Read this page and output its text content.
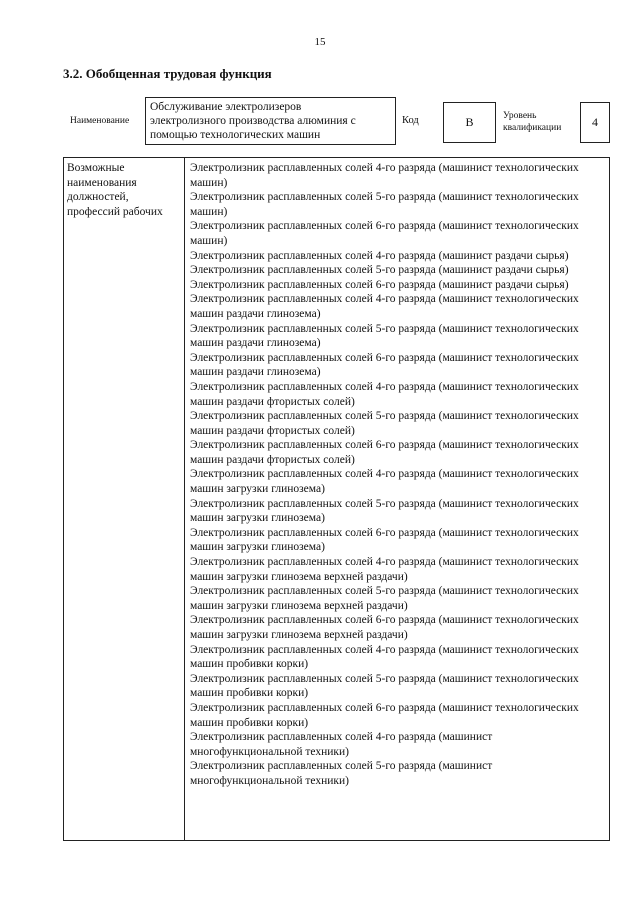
15
3.2. Обобщенная трудовая функция
Наименование
Обслуживание электролизеров
электролизного производства алюминия с
помощью технологических машин
Код	B	Уровень
квалификации	4
Возможные
наименования
должностей,
профессий рабочих

Электролизник расплавленных солей 4-го разряда (машинист технологических машин)

Электролизник расплавленных солей 5-го разряда (машинист технологических машин)

Электролизник расплавленных солей 6-го разряда (машинист технологических машин)

Электролизник расплавленных солей 4-го разряда (машинист раздачи сырья)

Электролизник расплавленных солей 5-го разряда (машинист раздачи сырья)

Электролизник расплавленных солей 6-го разряда (машинист раздачи сырья)

Электролизник расплавленных солей 4-го разряда (машинист технологических машин раздачи глинозема)

Электролизник расплавленных солей 5-го разряда (машинист технологических машин раздачи глинозема)

Электролизник расплавленных солей 6-го разряда (машинист технологических машин раздачи глинозема)

Электролизник расплавленных солей 4-го разряда (машинист технологических машин раздачи фтористых солей)

Электролизник расплавленных солей 5-го разряда (машинист технологических машин раздачи фтористых солей)

Электролизник расплавленных солей 6-го разряда (машинист технологических машин раздачи фтористых солей)

Электролизник расплавленных солей 4-го разряда (машинист технологических машин загрузки глинозема)

Электролизник расплавленных солей 5-го разряда (машинист технологических машин загрузки глинозема)

Электролизник расплавленных солей 6-го разряда (машинист технологических машин загрузки глинозема)

Электролизник расплавленных солей 4-го разряда (машинист технологических машин загрузки глинозема верхней раздачи)

Электролизник расплавленных солей 5-го разряда (машинист технологических машин загрузки глинозема верхней раздачи)

Электролизник расплавленных солей 6-го разряда (машинист технологических машин загрузки глинозема верхней раздачи)

Электролизник расплавленных солей 4-го разряда (машинист технологических машин пробивки корки)

Электролизник расплавленных солей 5-го разряда (машинист технологических машин пробивки корки)

Электролизник расплавленных солей 6-го разряда (машинист технологических машин пробивки корки)

Электролизник расплавленных солей 4-го разряда (машинист многофункциональной техники)

Электролизник расплавленных солей 5-го разряда (машинист многофункциональной техники)
